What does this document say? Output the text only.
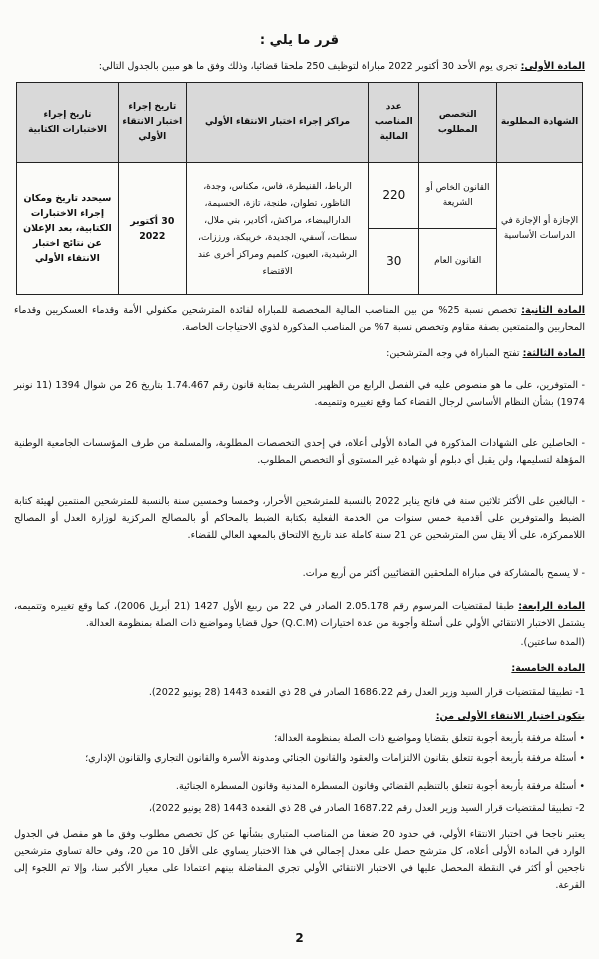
قرر ما يلي :
المادة الأولى: تجرى يوم الأحد 30 أكتوبر 2022 مباراة لتوظيف 250 ملحقا قضائيا، وذلك وفق ما هو مبين بالجدول التالي:
الشهادة المطلوبة	التخصص المطلوب	عدد المناصب المالية	مراكز إجراء اختبار الانتقاء الأولي	تاريخ إجراء اختبار الانتقاء الأولي	تاريخ إجراء الاختبارات الكتابية
الإجازة أو الإجازة في الدراسات الأساسية	القانون الخاص أو الشريعة	220	الرباط، القنيطرة، فاس، مكناس، وجدة، الناظور، تطوان، طنجة، تازة، الحسيمة، الداراليبضاء، مراكش، أكادير، بني ملال، سطات، آسفي، الجديدة، خريبكة، ورززات، الرشيدية، العيون، كلميم ومراكز أخرى عند الاقتضاء	30 أكتوبر 2022	سيحدد تاريخ ومكان إجراء الاختبارات الكتابية، بعد الإعلان عن نتائج اختبار الانتقاء الأولي
	القانون العام	30			
المادة الثانية: تخصص نسبة 25% من بين المناصب المالية المخصصة للمباراة لفائدة المترشحين مكفولي الأمة وقدماء العسكريين وقدماء المحاربين والمتمتعين بصفة مقاوم وتخصص نسبة 7% من المناصب المذكورة لذوي الاحتياجات الخاصة.
المادة الثالثة: تفتح المباراة في وجه المترشحين:
- المتوفرين، على ما هو منصوص عليه في الفصل الرابع من الظهير الشريف بمثابة قانون رقم 1.74.467 بتاريخ 26 من شوال 1394 (11 نونبر 1974) بشأن النظام الأساسي لرجال القضاء كما وقع تغييره وتتميمه.
- الحاصلين على الشهادات المذكورة في المادة الأولى أعلاه، في إحدى التخصصات المطلوبة، والمسلمة من طرف المؤسسات الجامعية الوطنية المؤهلة لتسليمها، ولن يقبل أي دبلوم أو شهادة غير المستوى أو التخصص المطلوب.
- البالغين على الأكثر ثلاثين سنة في فاتح يناير 2022 بالنسبة للمترشحين الأحرار، وخمسا وخمسين سنة بالنسبة للمترشحين المنتمين لهيئة كتابة الضبط والمتوفرين على أقدمية خمس سنوات من الخدمة الفعلية بكتابة الضبط بالمحاكم أو بالمصالح المركزية لوزارة العدل أو المصالح اللاممركزة، على ألا يقل سن المترشحين عن 21 سنة كاملة عند تاريخ الالتحاق بالمعهد العالي للقضاء.
- لا يسمح بالمشاركة في مباراة الملحقين القضائيين أكثر من أربع مرات.
المادة الرابعة: طبقا لمقتضيات المرسوم رقم 2.05.178 الصادر في 22 من ربيع الأول 1427 (21 أبريل 2006)، كما وقع تغييره وتتميمه، يشتمل الاختبار الانتقائي الأولي على أسئلة وأجوبة من عدة اختيارات (Q.C.M) حول قضايا ومواضيع ذات الصلة بمنظومة العدالة.
(المدة ساعتين).
المادة الخامسة:
1- تطبيقا لمقتضيات قرار السيد وزير العدل رقم 1686.22 الصادر في 28 ذي القعدة 1443 (28 يونيو 2022).
يتكون اختبار الانتقاء الأولي من:
• أسئلة مرفقة بأربعة أجوبة تتعلق بقضايا ومواضيع ذات الصلة بمنظومة العدالة؛
• أسئلة مرفقة بأربعة أجوبة تتعلق بقانون الالتزامات والعقود والقانون الجنائي ومدونة الأسرة والقانون التجاري والقانون الإداري؛
• أسئلة مرفقة بأربعة أجوبة تتعلق بالتنظيم القضائي وقانون المسطرة المدنية وقانون المسطرة الجنائية.
2- تطبيقا لمقتضيات قرار السيد وزير العدل رقم 1687.22 الصادر في 28 ذي القعدة 1443 (28 يونيو 2022)،
يعتبر ناجحا في اختبار الانتقاء الأولي، في حدود 20 ضعفا من المناصب المتبارى بشأنها عن كل تخصص مطلوب وفق ما هو مفصل في الجدول الوارد في المادة الأولى أعلاه، كل مترشح حصل على معدل إجمالي في هذا الاختبار يساوي على الأقل 10 من 20، وفي حالة تساوي مترشحين ناجحين أو أكثر في النقطة المحصل عليها في الاختبار الانتقائي الأولي تجري المفاضلة بينهم اعتمادا على معيار الأكبر سنا، وإلا تم اللجوء إلى القرعة.
2
